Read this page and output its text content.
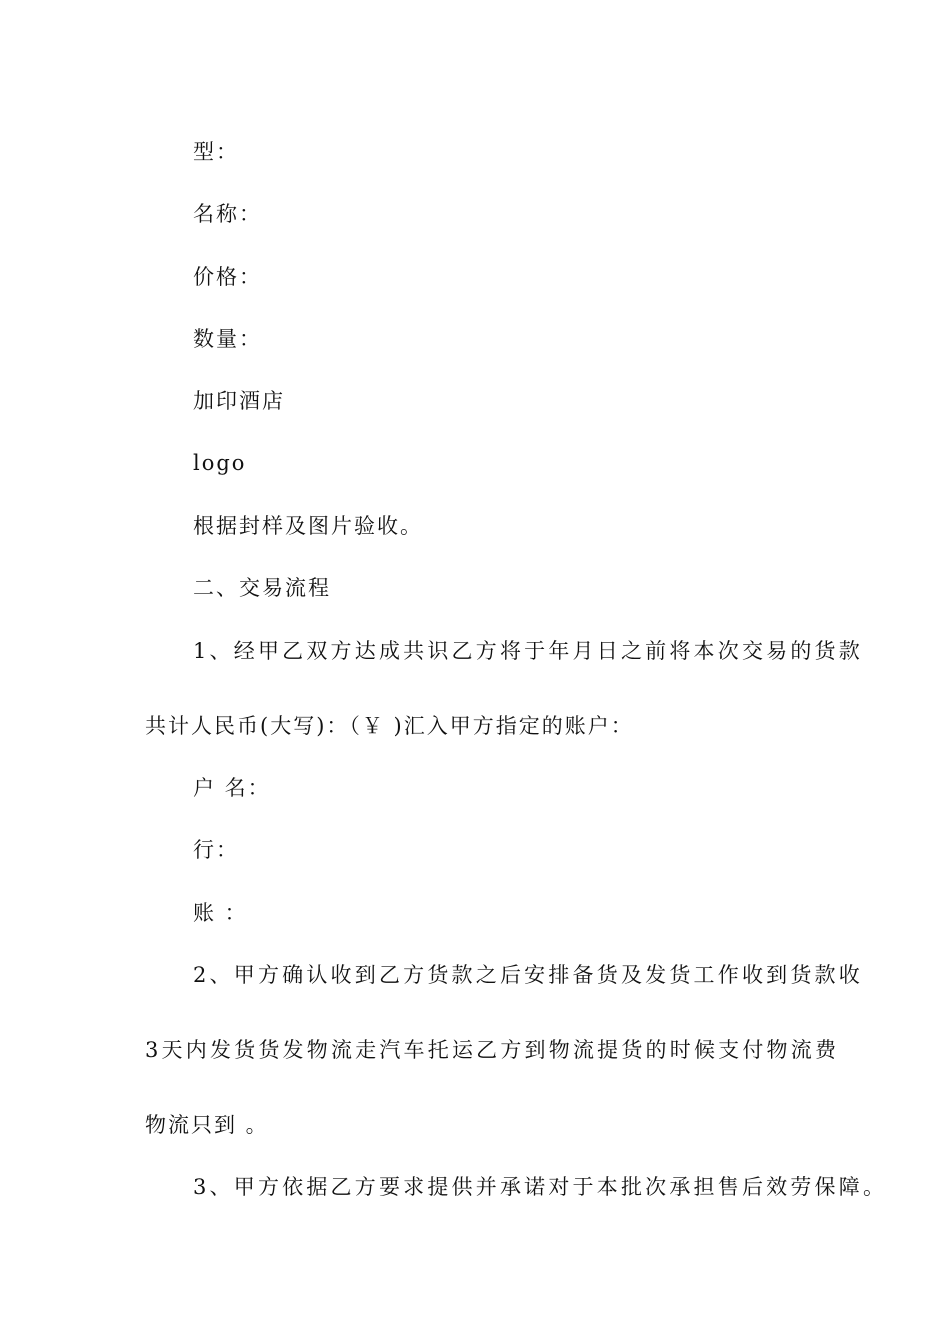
型：
名称：
价格：
数量：
加印酒店
logo
根据封样及图片验收。
二、交易流程
1、经甲乙双方达成共识乙方将于年月日之前将本次交易的货款
共计人民币(大写)：（￥ )汇入甲方指定的账户：
户 名：
行：
账 ：
2、甲方确认收到乙方货款之后安排备货及发货工作收到货款收
3天内发货货发物流走汽车托运乙方到物流提货的时候支付物流费
物流只到 。
3、甲方依据乙方要求提供并承诺对于本批次承担售后效劳保障。
